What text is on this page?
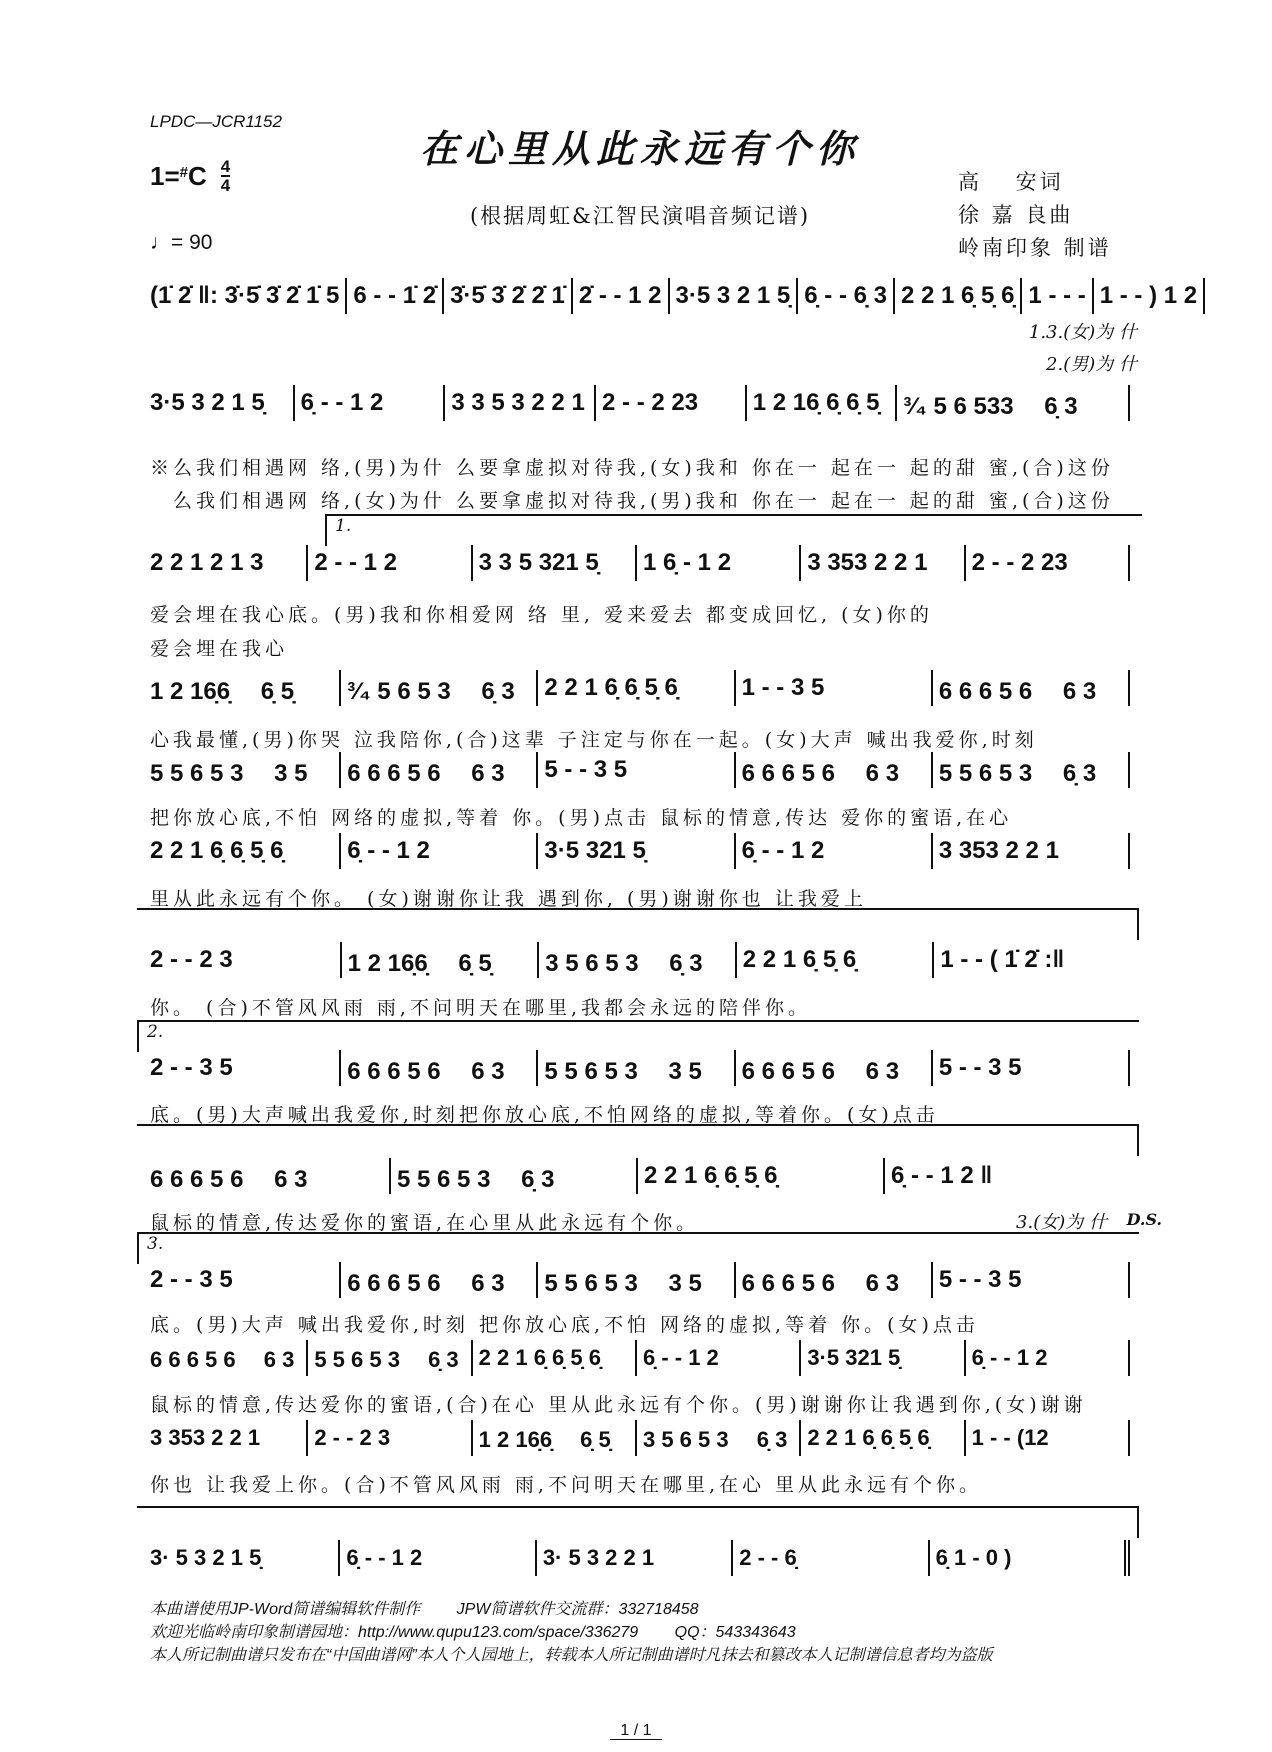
LPDC—JCR1152
1=# C $\frac{4}{4}$
♩= 90
在心里从此永远有个你
(根据周虹&江智民演唱音频记谱)
高　 安词
徐 嘉 良曲
岭南印象 制谱
(1̇ 2̇ ‖: 3̇·5̇ 3̇ 2̇ 1̇ 5 6 - - 1̇ 2̇ 3̇·5̇ 3̇ 2̇ 2̇ 1̇ 2̇ - - 1 2 3·5 3 2 1 5̣ 6̣ - - 6̣ 3 2 2 1 6̣ 5̣ 6̣ 1 - - - 1 - - ) 1 2
1.3.(女)为 什
2.(男)为 什
3·5 3 2 1 5̣	6̣ - - 1 2	3 3 5 3 2 2 1 2 - - 2 23	1 2 16̣ 6̣ 6̣ 5̣ ³⁄₄ 5 6 533　 6̣ 3
※么我们相遇网 络,(男)为什 么要拿虚拟对待我,(女)我和 你在一 起在一 起的甜 蜜,(合)这份
　么我们相遇网 络,(女)为什 么要拿虚拟对待我,(男)我和 你在一 起在一 起的甜 蜜,(合)这份
1.
2 2 1 2 1 3	2 - - 1 2	3 3 5 321 5̣	1 6̣ - 1 2	3 353 2 2 1	2 - - 2 23
爱会埋在我心底。(男)我和你相爱网 络 里, 爱来爱去 都变成回忆, (女)你的
爱会埋在我心
1 2 16̣6̣　 6̣ 5̣	³⁄₄ 5 6 5 3　 6̣ 3	2 2 1 6̣ 6̣ 5̣ 6̣	1 - - 3 5	6 6 6 5 6　 6 3
心我最懂,(男)你哭 泣我陪你,(合)这辈 子注定与你在一起。(女)大声 喊出我爱你,时刻
5 5 6 5 3　 3 5	6 6 6 5 6　 6 3	5 - - 3 5	6 6 6 5 6　 6 3	5 5 6 5 3　 6̣ 3
把你放心底,不怕 网络的虚拟,等着 你。(男)点击 鼠标的情意,传达 爱你的蜜语,在心
2 2 1 6̣ 6̣ 5̣ 6̣	6̣ - - 1 2	3·5 321 5̣	6̣ - - 1 2	3 353 2 2 1
里从此永远有个你。 (女)谢谢你让我 遇到你, (男)谢谢你也 让我爱上
2 - - 2 3	1 2 16̣6̣　 6̣ 5̣	3 5 6 5 3　 6̣ 3	2 2 1 6̣ 5̣ 6̣	1 - - ( 1̇ 2̇ :‖
你。 (合)不管风风雨 雨,不问明天在哪里,我都会永远的陪伴你。
2.
2 - - 3 5	6 6 6 5 6　 6 3	5 5 6 5 3　 3 5	6 6 6 5 6　 6 3	5 - - 3 5
底。(男)大声喊出我爱你,时刻把你放心底,不怕网络的虚拟,等着你。(女)点击
6 6 6 5 6　 6 3	5 5 6 5 3　 6̣ 3	2 2 1 6̣ 6̣ 5̣ 6̣	6̣ - - 1 2 ‖
鼠标的情意,传达爱你的蜜语,在心里从此永远有个你。	3.(女)为 什 D.S.
3.
2 - - 3 5	6 6 6 5 6　 6 3	5 5 6 5 3　 3 5	6 6 6 5 6　 6 3	5 - - 3 5
底。(男)大声 喊出我爱你,时刻 把你放心底,不怕 网络的虚拟,等着 你。(女)点击
6 6 6 5 6　 6 3 5 5 6 5 3　 6̣ 3 2 2 1 6̣ 6̣ 5̣ 6̣	6̣ - - 1 2	3·5 321 5̣	6̣ - - 1 2
鼠标的情意,传达爱你的蜜语,(合)在心 里从此永远有个你。(男)谢谢你让我遇到你,(女)谢谢
3 353 2 2 1	2 - - 2 3	1 2 16̣6̣　 6̣ 5̣	3 5 6 5 3　 6̣ 3 2 2 1 6̣ 6̣ 5̣ 6̣	1 - - (12
你也 让我爱上你。(合)不管风风雨 雨,不问明天在哪里,在心 里从此永远有个你。
3· 5 3 2 1 5̣	6̣ - - 1 2	3· 5 3 2 2 1	2 - - 6̣	6̣ 1 - 0 )
本曲谱使用JP-Word简谱编辑软件制作　　 JPW简谱软件交流群：332718458
欢迎光临岭南印象制谱园地：http://www.qupu123.com/space/336279　　 QQ：543343643
本人所记制曲谱只发布在“中国曲谱网”本人个人园地上，转载本人所记制曲谱时凡抹去和篡改本人记制谱信息者均为盗版
1 / 1
